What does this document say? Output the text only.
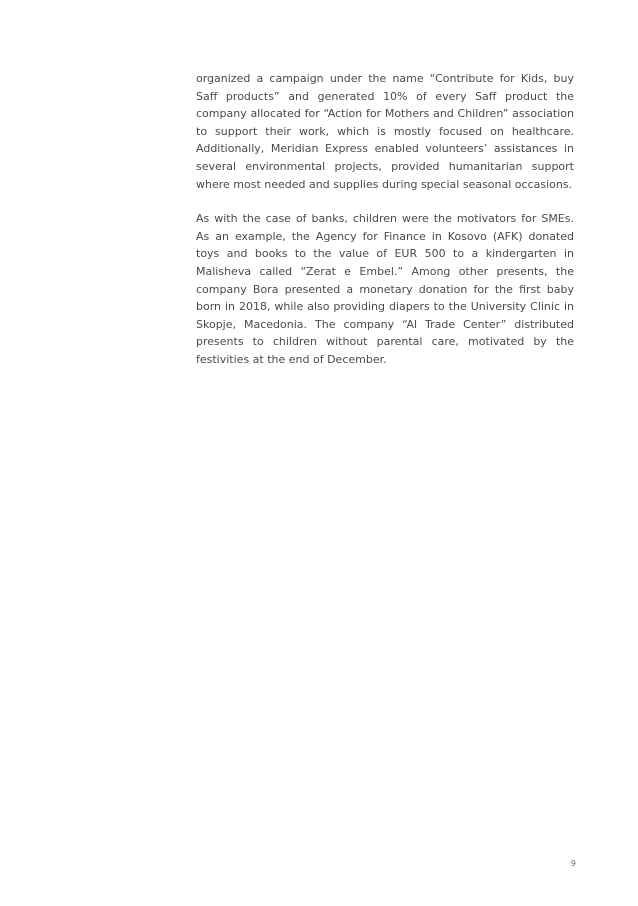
organized a campaign under the name “Contribute for Kids, buy Saff products” and generated 10% of every Saff product the company allocated for “Action for Mothers and Children” association to support their work, which is mostly focused on healthcare. Additionally, Meridian Express enabled volunteers’ assistances in several environmental projects, provided humanitarian support where most needed and supplies during special seasonal occasions.

As with the case of banks, children were the motivators for SMEs. As an example, the Agency for Finance in Kosovo (AFK) donated toys and books to the value of EUR 500 to a kindergarten in Malisheva called “Zerat e Embel.” Among other presents, the company Bora presented a monetary donation for the first baby born in 2018, while also providing diapers to the University Clinic in Skopje, Macedonia. The company “Al Trade Center” distributed presents to children without parental care, motivated by the festivities at the end of December.

9
